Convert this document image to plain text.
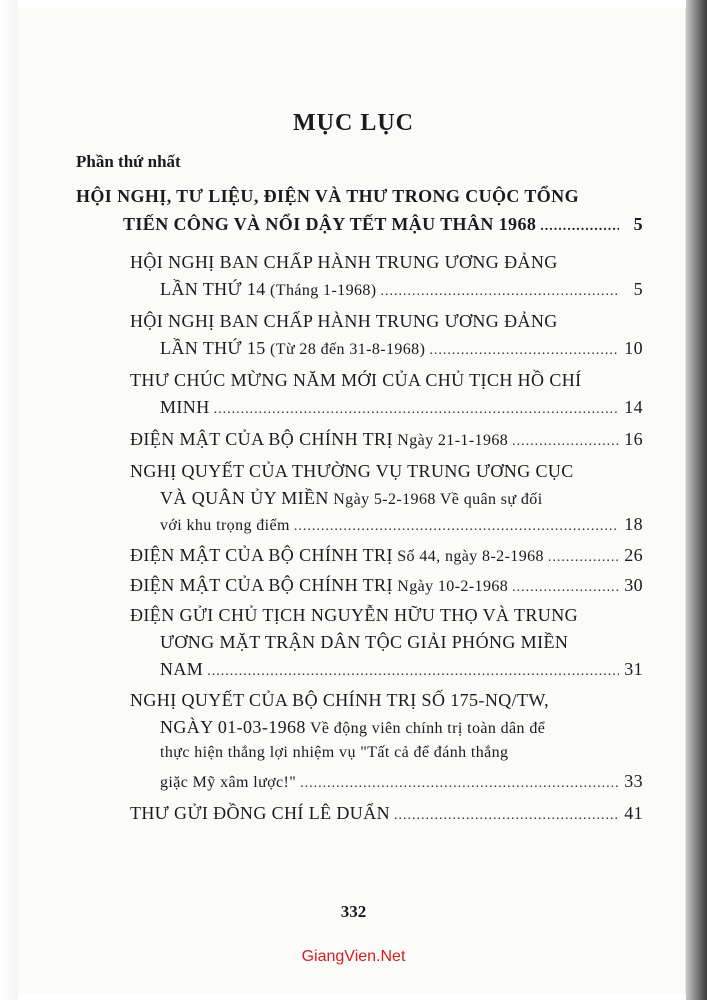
MỤC LỤC
Phần thứ nhất
HỘI NGHỊ, TƯ LIỆU, ĐIỆN VÀ THƯ TRONG CUỘC TỔNG
TIẾN CÔNG VÀ NỔI DẬY TẾT MẬU THÂN 1968 .....	5
HỘI NGHỊ BAN CHẤP HÀNH TRUNG ƯƠNG ĐẢNG
LẦN THỨ 14 (Tháng 1-1968) .....	5
HỘI NGHỊ BAN CHẤP HÀNH TRUNG ƯƠNG ĐẢNG
LẦN THỨ 15 (Từ 28 đến 31-8-1968) .....	10
THƯ CHÚC MỪNG NĂM MỚI CỦA CHỦ TỊCH HỒ CHÍ
MINH .....	14
ĐIỆN MẬT CỦA BỘ CHÍNH TRỊ Ngày 21-1-1968 .....	16
NGHỊ QUYẾT CỦA THƯỜNG VỤ TRUNG ƯƠNG CỤC
VÀ QUÂN ỦY MIỀN Ngày 5-2-1968 Về quân sự đối
với khu trọng điểm .....	18
ĐIỆN MẬT CỦA BỘ CHÍNH TRỊ Số 44, ngày 8-2-1968 .....	26
ĐIỆN MẬT CỦA BỘ CHÍNH TRỊ Ngày 10-2-1968 .....	30
ĐIỆN GỬI CHỦ TỊCH NGUYỄN HỮU THỌ VÀ TRUNG
ƯƠNG MẶT TRẬN DÂN TỘC GIẢI PHÓNG MIỀN
NAM .....	31
NGHỊ QUYẾT CỦA BỘ CHÍNH TRỊ SỐ 175-NQ/TW,
NGÀY 01-03-1968 Về động viên chính trị toàn dân để
thực hiện thắng lợi nhiệm vụ "Tất cả để đánh thắng
giặc Mỹ xâm lược!" .....	33
THƯ GỬI ĐỒNG CHÍ LÊ DUẨN .....	41
332
GiangVien.Net
